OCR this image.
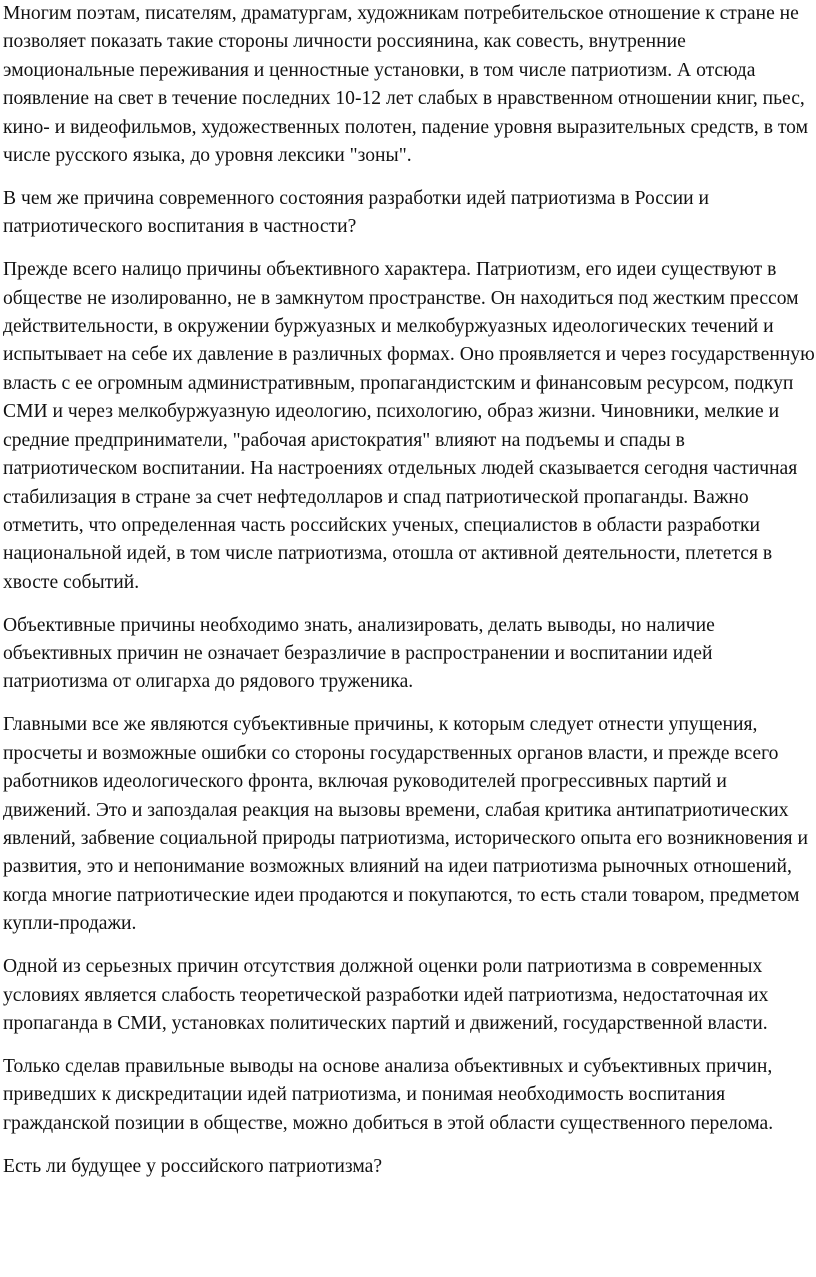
Многим поэтам, писателям, драматургам, художникам потребительское отношение к стране не позволяет показать такие стороны личности россиянина, как совесть, внутренние эмоциональные переживания и ценностные установки, в том числе патриотизм. А отсюда появление на свет в течение последних 10-12 лет слабых в нравственном отношении книг, пьес, кино- и видеофильмов, художественных полотен, падение уровня выразительных средств, в том числе русского языка, до уровня лексики "зоны".

В чем же причина современного состояния разработки идей патриотизма в России и патриотического воспитания в частности?

Прежде всего налицо причины объективного характера. Патриотизм, его идеи существуют в обществе не изолированно, не в замкнутом пространстве. Он находиться под жестким прессом действительности, в окружении буржуазных и мелкобуржуазных идеологических течений и испытывает на себе их давление в различных формах. Оно проявляется и через государственную власть с ее огромным административным, пропагандистским и финансовым ресурсом, подкуп СМИ и через мелкобуржуазную идеологию, психологию, образ жизни. Чиновники, мелкие и средние предприниматели, "рабочая аристократия" влияют на подъемы и спады в патриотическом воспитании. На настроениях отдельных людей сказывается сегодня частичная стабилизация в стране за счет нефтедолларов и спад патриотической пропаганды. Важно отметить, что определенная часть российских ученых, специалистов в области разработки национальной идей, в том числе патриотизма, отошла от активной деятельности, плетется в хвосте событий.

Объективные причины необходимо знать, анализировать, делать выводы, но наличие объективных причин не означает безразличие в распространении и воспитании идей патриотизма от олигарха до рядового труженика.

Главными все же являются субъективные причины, к которым следует отнести упущения, просчеты и возможные ошибки со стороны государственных органов власти, и прежде всего работников идеологического фронта, включая руководителей прогрессивных партий и движений. Это и запоздалая реакция на вызовы времени, слабая критика антипатриотических явлений, забвение социальной природы патриотизма, исторического опыта его возникновения и развития, это и непонимание возможных влияний на идеи патриотизма рыночных отношений, когда многие патриотические идеи продаются и покупаются, то есть стали товаром, предметом купли-продажи.

Одной из серьезных причин отсутствия должной оценки роли патриотизма в современных условиях является слабость теоретической разработки идей патриотизма, недостаточная их пропаганда в СМИ, установках политических партий и движений, государственной власти.

Только сделав правильные выводы на основе анализа объективных и субъективных причин, приведших к дискредитации идей патриотизма, и понимая необходимость воспитания гражданской позиции в обществе, можно добиться в этой области существенного перелома.

Есть ли будущее у российского патриотизма?
